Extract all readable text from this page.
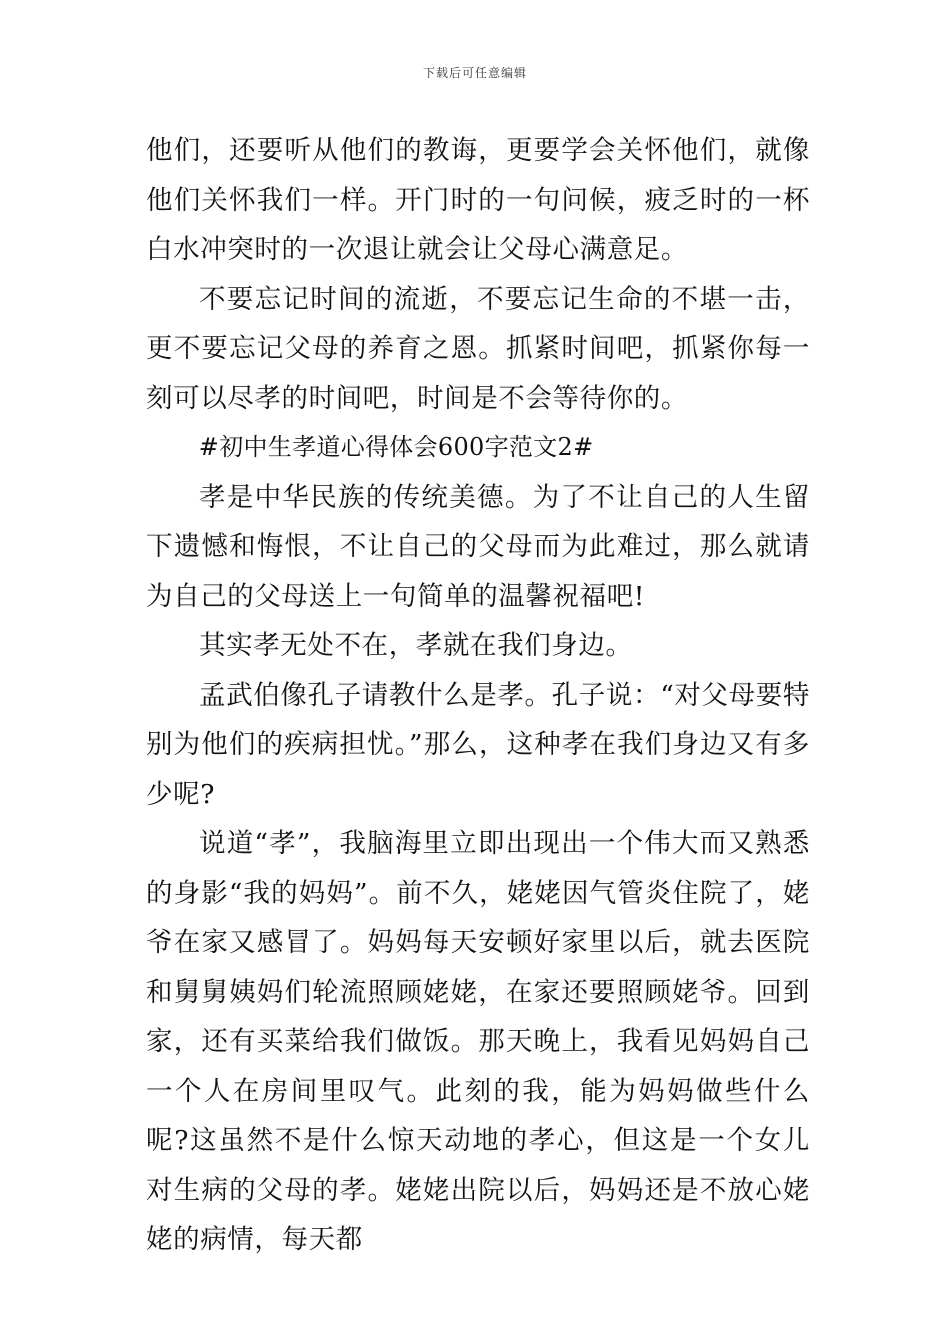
下载后可任意编辑

他们，还要听从他们的教诲，更要学会关怀他们，就像他们关怀我们一样。开门时的一句问候，疲乏时的一杯白水冲突时的一次退让就会让父母心满意足。

不要忘记时间的流逝，不要忘记生命的不堪一击，更不要忘记父母的养育之恩。抓紧时间吧，抓紧你每一刻可以尽孝的时间吧，时间是不会等待你的。

#初中生孝道心得体会600字范文2#

孝是中华民族的传统美德。为了不让自己的人生留下遗憾和悔恨，不让自己的父母而为此难过，那么就请为自己的父母送上一句简单的温馨祝福吧!

其实孝无处不在，孝就在我们身边。

孟武伯像孔子请教什么是孝。孔子说：“对父母要特别为他们的疾病担忧。”那么，这种孝在我们身边又有多少呢?

说道“孝”，我脑海里立即出现出一个伟大而又熟悉的身影“我的妈妈”。前不久，姥姥因气管炎住院了，姥爷在家又感冒了。妈妈每天安顿好家里以后，就去医院和舅舅姨妈们轮流照顾姥姥，在家还要照顾姥爷。回到家，还有买菜给我们做饭。那天晚上，我看见妈妈自己一个人在房间里叹气。此刻的我，能为妈妈做些什么呢?这虽然不是什么惊天动地的孝心，但这是一个女儿对生病的父母的孝。姥姥出院以后，妈妈还是不放心姥姥的病情，每天都
